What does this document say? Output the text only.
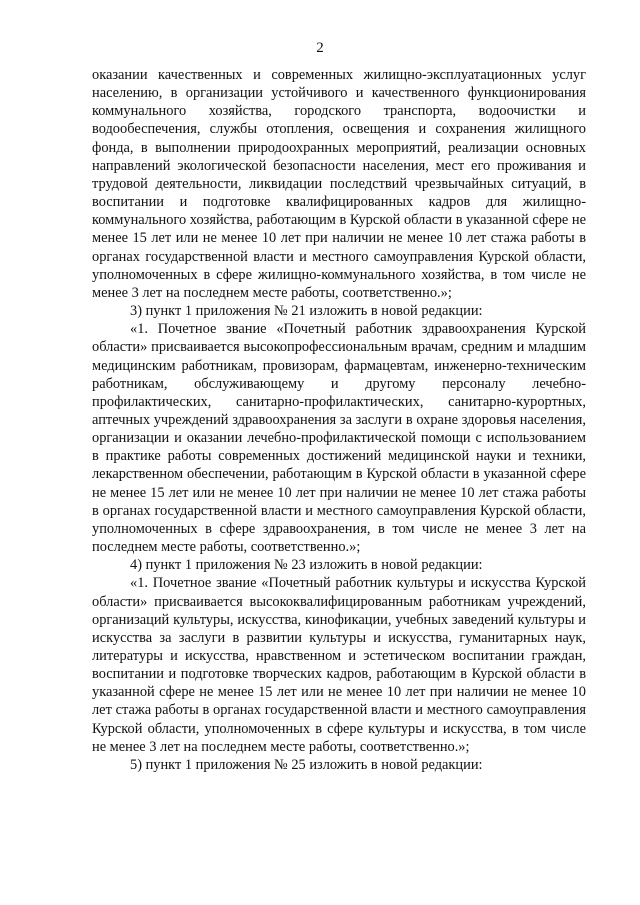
2

оказании качественных и современных жилищно-эксплуатационных услуг населению, в организации устойчивого и качественного функционирования коммунального хозяйства, городского транспорта, водоочистки и водообеспечения, службы отопления, освещения и сохранения жилищного фонда, в выполнении природоохранных мероприятий, реализации основных направлений экологической безопасности населения, мест его проживания и трудовой деятельности, ликвидации последствий чрезвычайных ситуаций, в воспитании и подготовке квалифицированных кадров для жилищно-коммунального хозяйства, работающим в Курской области в указанной сфере не менее 15 лет или не менее 10 лет при наличии не менее 10 лет стажа работы в органах государственной власти и местного самоуправления Курской области, уполномоченных в сфере жилищно-коммунального хозяйства, в том числе не менее 3 лет на последнем месте работы, соответственно.»;

3) пункт 1 приложения № 21 изложить в новой редакции:

«1. Почетное звание «Почетный работник здравоохранения Курской области» присваивается высокопрофессиональным врачам, средним и младшим медицинским работникам, провизорам, фармацевтам, инженерно-техническим работникам, обслуживающему и другому персоналу лечебно-профилактических, санитарно-профилактических, санитарно-курортных, аптечных учреждений здравоохранения за заслуги в охране здоровья населения, организации и оказании лечебно-профилактической помощи с использованием в практике работы современных достижений медицинской науки и техники, лекарственном обеспечении, работающим в Курской области в указанной сфере не менее 15 лет или не менее 10 лет при наличии не менее 10 лет стажа работы в органах государственной власти и местного самоуправления Курской области, уполномоченных в сфере здравоохранения, в том числе не менее 3 лет на последнем месте работы, соответственно.»;

4) пункт 1 приложения № 23 изложить в новой редакции:

«1. Почетное звание «Почетный работник культуры и искусства Курской области» присваивается высококвалифицированным работникам учреждений, организаций культуры, искусства, кинофикации, учебных заведений культуры и искусства за заслуги в развитии культуры и искусства, гуманитарных наук, литературы и искусства, нравственном и эстетическом воспитании граждан, воспитании и подготовке творческих кадров, работающим в Курской области в указанной сфере не менее 15 лет или не менее 10 лет при наличии не менее 10 лет стажа работы в органах государственной власти и местного самоуправления Курской области, уполномоченных в сфере культуры и искусства, в том числе не менее 3 лет на последнем месте работы, соответственно.»;

5) пункт 1 приложения № 25 изложить в новой редакции:
